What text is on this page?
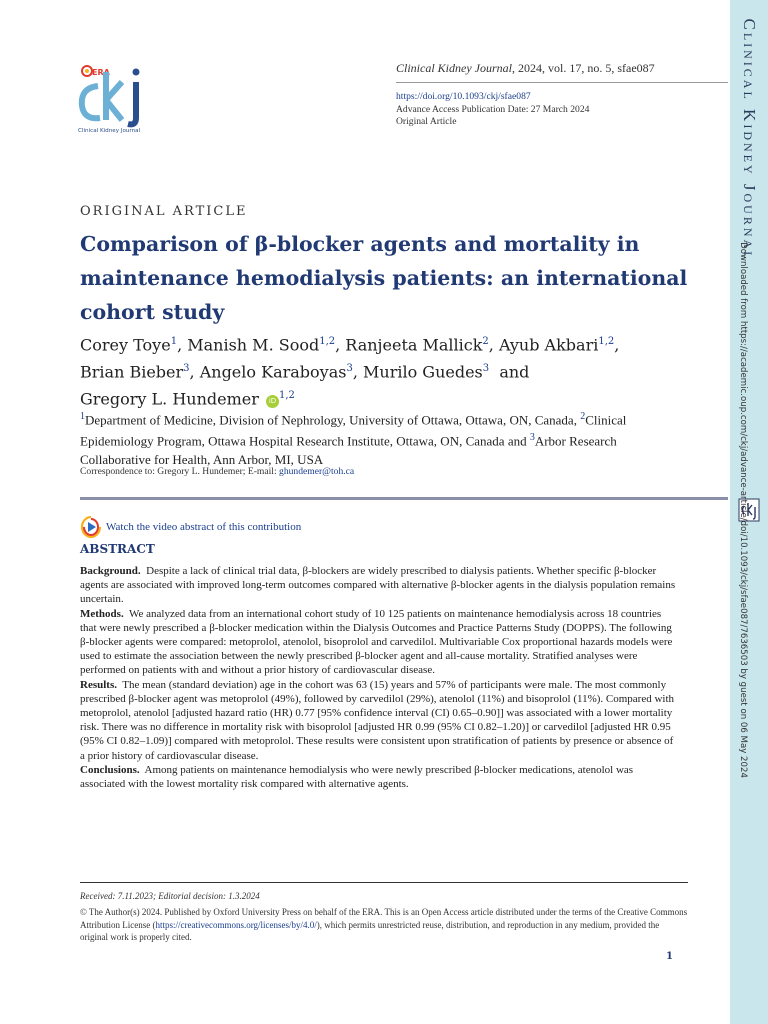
Clinical Kidney Journal
Downloaded from https://academic.oup.com/ckj/advance-article/doi/10.1093/ckj/sfae087/7636503 by guest on 06 May 2024
ERA
Clinical Kidney Journal
Clinical Kidney Journal, 2024, vol. 17, no. 5, sfae087
https://doi.org/10.1093/ckj/sfae087
Advance Access Publication Date: 27 March 2024
Original Article
ORIGINAL ARTICLE
Comparison of β-blocker agents and mortality in maintenance hemodialysis patients: an international cohort study
Corey Toye$^1$, Manish M. Sood$^{1,2}$, Ranjeeta Mallick$^2$, Ayub Akbari$^{1,2}$,
Brian Bieber$^3$, Angelo Karaboyas$^3$, Murilo Guedes$^3$ and
Gregory L. Hundemer iD$^{1,2}$
$^1$Department of Medicine, Division of Nephrology, University of Ottawa, Ottawa, ON, Canada, $^2$Clinical Epidemiology Program, Ottawa Hospital Research Institute, Ottawa, ON, Canada and $^3$Arbor Research Collaborative for Health, Ann Arbor, MI, USA
Correspondence to: Gregory L. Hundemer; E-mail: ghundemer@toh.ca
Watch the video abstract of this contribution
ABSTRACT

Background. Despite a lack of clinical trial data, β-blockers are widely prescribed to dialysis patients. Whether specific β-blocker agents are associated with improved long-term outcomes compared with alternative β-blocker agents in the dialysis population remains uncertain.

Methods. We analyzed data from an international cohort study of 10 125 patients on maintenance hemodialysis across 18 countries that were newly prescribed a β-blocker medication within the Dialysis Outcomes and Practice Patterns Study (DOPPS). The following β-blocker agents were compared: metoprolol, atenolol, bisoprolol and carvedilol. Multivariable Cox proportional hazards models were used to estimate the association between the newly prescribed β-blocker agent and all-cause mortality. Stratified analyses were performed on patients with and without a prior history of cardiovascular disease.

Results. The mean (standard deviation) age in the cohort was 63 (15) years and 57% of participants were male. The most commonly prescribed β-blocker agent was metoprolol (49%), followed by carvedilol (29%), atenolol (11%) and bisoprolol (11%). Compared with metoprolol, atenolol [adjusted hazard ratio (HR) 0.77 [95% confidence interval (CI) 0.65–0.90]] was associated with a lower mortality risk. There was no difference in mortality risk with bisoprolol [adjusted HR 0.99 (95% CI 0.82–1.20)] or carvedilol [adjusted HR 0.95 (95% CI 0.82–1.09)] compared with metoprolol. These results were consistent upon stratification of patients by presence or absence of a prior history of cardiovascular disease.

Conclusions. Among patients on maintenance hemodialysis who were newly prescribed β-blocker medications, atenolol was associated with the lowest mortality risk compared with alternative agents.

Received: 7.11.2023; Editorial decision: 1.3.2024
© The Author(s) 2024. Published by Oxford University Press on behalf of the ERA. This is an Open Access article distributed under the terms of the Creative Commons Attribution License (https://creativecommons.org/licenses/by/4.0/), which permits unrestricted reuse, distribution, and reproduction in any medium, provided the original work is properly cited.
1
